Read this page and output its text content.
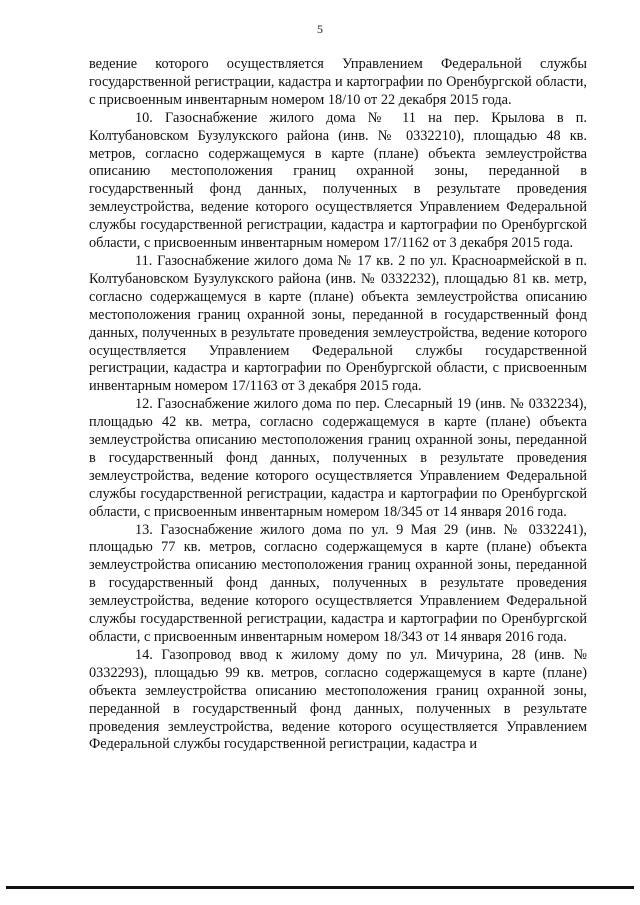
5

ведение которого осуществляется Управлением Федеральной службы государственной регистрации, кадастра и картографии по Оренбургской области, с присвоенным инвентарным номером 18/10 от 22 декабря 2015 года.

10. Газоснабжение жилого дома № 11 на пер. Крылова в п. Колтубановском Бузулукского района (инв. № 0332210), площадью 48 кв. метров, согласно содержащемуся в карте (плане) объекта землеустройства описанию местоположения границ охранной зоны, переданной в государственный фонд данных, полученных в результате проведения землеустройства, ведение которого осуществляется Управлением Федеральной службы государственной регистрации, кадастра и картографии по Оренбургской области, с присвоенным инвентарным номером 17/1162 от 3 декабря 2015 года.

11. Газоснабжение жилого дома № 17 кв. 2 по ул. Красноармейской в п. Колтубановском Бузулукского района (инв. № 0332232), площадью 81 кв. метр, согласно содержащемуся в карте (плане) объекта землеустройства описанию местоположения границ охранной зоны, переданной в государственный фонд данных, полученных в результате проведения землеустройства, ведение которого осуществляется Управлением Федеральной службы государственной регистрации, кадастра и картографии по Оренбургской области, с присвоенным инвентарным номером 17/1163 от 3 декабря 2015 года.

12. Газоснабжение жилого дома по пер. Слесарный 19 (инв. № 0332234), площадью 42 кв. метра, согласно содержащемуся в карте (плане) объекта землеустройства описанию местоположения границ охранной зоны, переданной в государственный фонд данных, полученных в результате проведения землеустройства, ведение которого осуществляется Управлением Федеральной службы государственной регистрации, кадастра и картографии по Оренбургской области, с присвоенным инвентарным номером 18/345 от 14 января 2016 года.

13. Газоснабжение жилого дома по ул. 9 Мая 29 (инв. № 0332241), площадью 77 кв. метров, согласно содержащемуся в карте (плане) объекта землеустройства описанию местоположения границ охранной зоны, переданной в государственный фонд данных, полученных в результате проведения землеустройства, ведение которого осуществляется Управлением Федеральной службы государственной регистрации, кадастра и картографии по Оренбургской области, с присвоенным инвентарным номером 18/343 от 14 января 2016 года.

14. Газопровод ввод к жилому дому по ул. Мичурина, 28 (инв. № 0332293), площадью 99 кв. метров, согласно содержащемуся в карте (плане) объекта землеустройства описанию местоположения границ охранной зоны, переданной в государственный фонд данных, полученных в результате проведения землеустройства, ведение которого осуществляется Управлением Федеральной службы государственной регистрации, кадастра и
